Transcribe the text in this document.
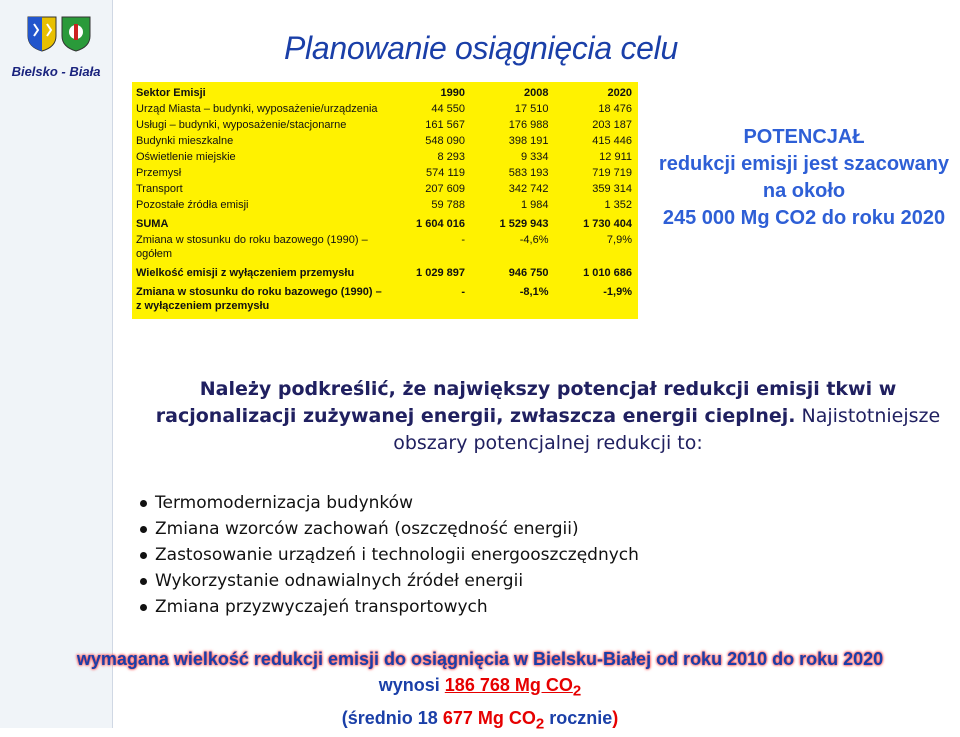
Bielsko - Biała
Planowanie osiągnięcia celu
Sektor Emisji	1990	2008	2020
Urząd Miasta – budynki, wyposażenie/urządzenia	44 550	17 510	18 476
Usługi – budynki, wyposażenie/stacjonarne	161 567	176 988	203 187
Budynki mieszkalne	548 090	398 191	415 446
Oświetlenie miejskie	8 293	9 334	12 911
Przemysł	574 119	583 193	719 719
Transport	207 609	342 742	359 314
Pozostałe źródła emisji	59 788	1 984	1 352
SUMA	1 604 016	1 529 943	1 730 404
Zmiana w stosunku do roku bazowego (1990) – ogółem	-	-4,6%	7,9%
Wielkość emisji z wyłączeniem przemysłu	1 029 897	946 750	1 010 686
Zmiana w stosunku do roku bazowego (1990) – z wyłączeniem przemysłu	-	-8,1%	-1,9%
POTENCJAŁ
redukcji emisji jest szacowany
na około
245 000 Mg CO2 do roku 2020
Należy podkreślić, że największy potencjał redukcji emisji tkwi w racjonalizacji zużywanej energii, zwłaszcza energii cieplnej. Najistotniejsze obszary potencjalnej redukcji to:
Termomodernizacja budynków
Zmiana wzorców zachowań (oszczędność energii)
Zastosowanie urządzeń i technologii energooszczędnych
Wykorzystanie odnawialnych źródeł energii
Zmiana przyzwyczajeń transportowych
wymagana wielkość redukcji emisji do osiągnięcia w Bielsku-Białej od roku 2010 do roku 2020
wynosi 186 768 Mg $CO_2$
(średnio 18 677 Mg $CO_2$ rocznie)
